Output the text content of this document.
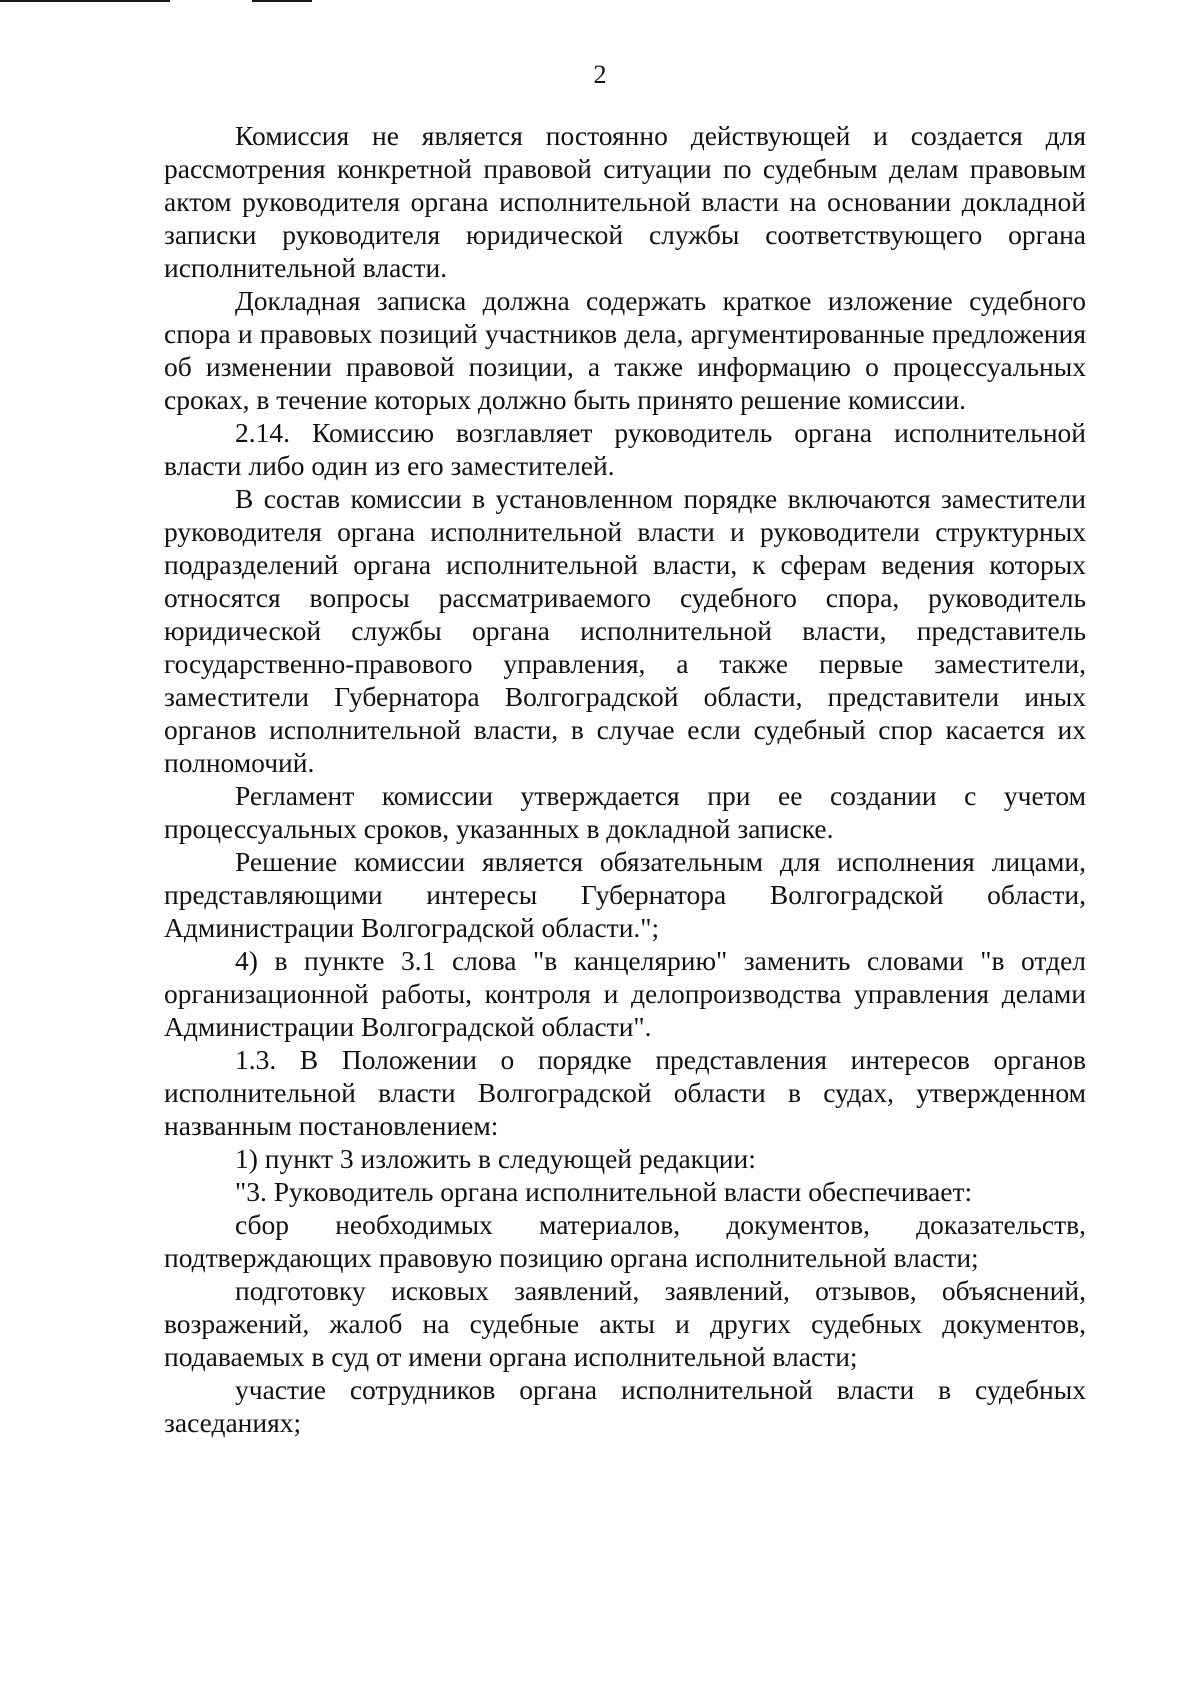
2

Комиссия не является постоянно действующей и создается для рассмотрения конкретной правовой ситуации по судебным делам правовым актом руководителя органа исполнительной власти на основании докладной записки руководителя юридической службы соответствующего органа исполнительной власти.

Докладная записка должна содержать краткое изложение судебного спора и правовых позиций участников дела, аргументированные предложения об изменении правовой позиции, а также информацию о процессуальных сроках, в течение которых должно быть принято решение комиссии.

2.14. Комиссию возглавляет руководитель органа исполнительной власти либо один из его заместителей.

В состав комиссии в установленном порядке включаются заместители руководителя органа исполнительной власти и руководители структурных подразделений органа исполнительной власти, к сферам ведения которых относятся вопросы рассматриваемого судебного спора, руководитель юридической службы органа исполнительной власти, представитель государственно-правового управления, а также первые заместители, заместители Губернатора Волгоградской области, представители иных органов исполнительной власти, в случае если судебный спор касается их полномочий.

Регламент комиссии утверждается при ее создании с учетом процессуальных сроков, указанных в докладной записке.

Решение комиссии является обязательным для исполнения лицами, представляющими интересы Губернатора Волгоградской области, Администрации Волгоградской области.";

4) в пункте 3.1 слова "в канцелярию" заменить словами "в отдел организационной работы, контроля и делопроизводства управления делами Администрации Волгоградской области".

1.3. В Положении о порядке представления интересов органов исполнительной власти Волгоградской области в судах, утвержденном названным постановлением:

1) пункт 3 изложить в следующей редакции:

"3. Руководитель органа исполнительной власти обеспечивает:

сбор необходимых материалов, документов, доказательств, подтверждающих правовую позицию органа исполнительной власти;

подготовку исковых заявлений, заявлений, отзывов, объяснений, возражений, жалоб на судебные акты и других судебных документов, подаваемых в суд от имени органа исполнительной власти;

участие сотрудников органа исполнительной власти в судебных заседаниях;
